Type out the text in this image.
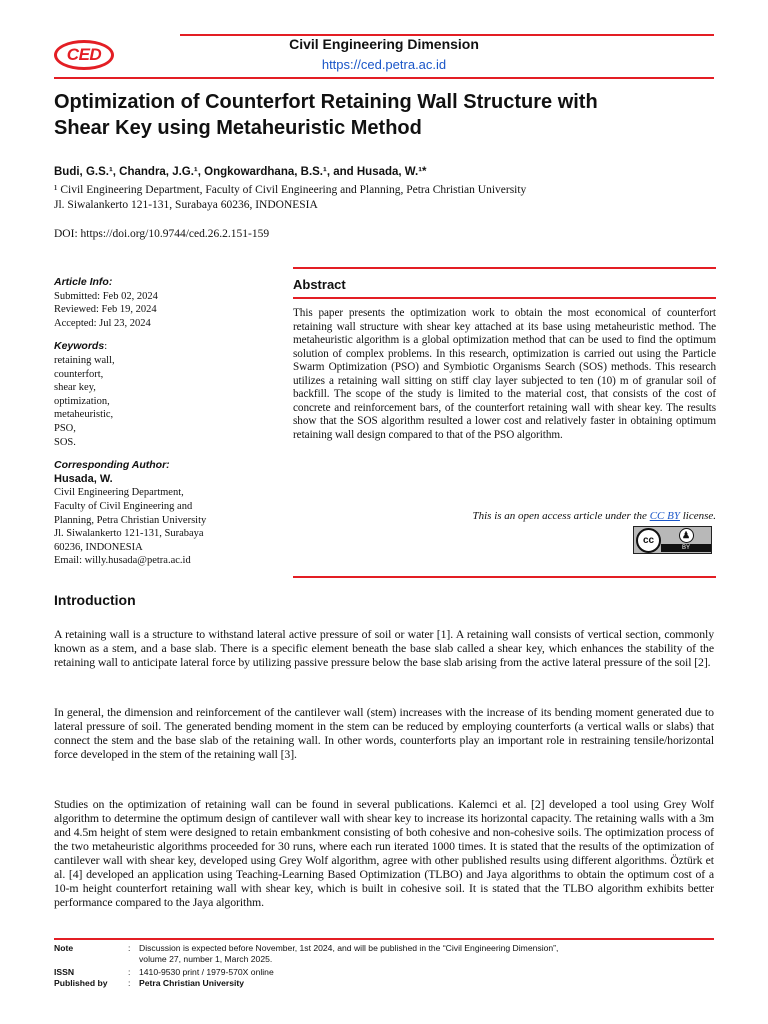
CED
Civil Engineering Dimension
https://ced.petra.ac.id
Optimization of Counterfort Retaining Wall Structure with
Shear Key using Metaheuristic Method
Budi, G.S.¹, Chandra, J.G.¹, Ongkowardhana, B.S.¹, and Husada, W.¹*
¹ Civil Engineering Department, Faculty of Civil Engineering and Planning, Petra Christian University
Jl. Siwalankerto 121-131, Surabaya 60236, INDONESIA
DOI: https://doi.org/10.9744/ced.26.2.151-159
Article Info:
Submitted: Feb 02, 2024
Reviewed: Feb 19, 2024
Accepted: Jul 23, 2024
Keywords:
retaining wall,
counterfort,
shear key,
optimization,
metaheuristic,
PSO,
SOS.
Corresponding Author:
Husada, W.
Civil Engineering Department,
Faculty of Civil Engineering and
Planning, Petra Christian University
Jl. Siwalankerto 121-131, Surabaya
60236, INDONESIA
Email: willy.husada@petra.ac.id
Abstract
This paper presents the optimization work to obtain the most economical of counterfort retaining wall structure with shear key attached at its base using metaheuristic method. The metaheuristic algorithm is a global optimization method that can be used to find the optimum solution of complex problems. In this research, optimization is carried out using the Particle Swarm Optimization (PSO) and Symbiotic Organisms Search (SOS) methods. This research utilizes a retaining wall sitting on stiff clay layer subjected to ten (10) m of granular soil of backfill. The scope of the study is limited to the material cost, that consists of the cost of concrete and reinforcement bars, of the counterfort retaining wall with shear key. The results show that the SOS algorithm resulted a lower cost and relatively faster in obtaining optimum retaining wall design compared to that of the PSO algorithm.
This is an open access article under the CC BY license.
cc	♟
BY
Introduction
A retaining wall is a structure to withstand lateral active pressure of soil or water [1]. A retaining wall consists of vertical section, commonly known as a stem, and a base slab. There is a specific element beneath the base slab called a shear key, which enhances the stability of the retaining wall to anticipate lateral force by utilizing passive pressure below the base slab arising from the active lateral pressure of the soil [2].
In general, the dimension and reinforcement of the cantilever wall (stem) increases with the increase of its bending moment generated due to lateral pressure of soil. The generated bending moment in the stem can be reduced by employing counterforts (a vertical walls or slabs) that connect the stem and the base slab of the retaining wall. In other words, counterforts play an important role in restraining tensile/horizontal force developed in the stem of the retaining wall [3].
Studies on the optimization of retaining wall can be found in several publications. Kalemci et al. [2] developed a tool using Grey Wolf algorithm to determine the optimum design of cantilever wall with shear key to increase its horizontal capacity. The retaining walls with a 3m and 4.5m height of stem were designed to retain embankment consisting of both cohesive and non-cohesive soils. The optimization process of the two metaheuristic algorithms proceeded for 30 runs, where each run iterated 1000 times. It is stated that the results of the optimization of cantilever wall with shear key, developed using Grey Wolf algorithm, agree with other published results using different algorithms. Öztürk et al. [4] developed an application using Teaching-Learning Based Optimization (TLBO) and Jaya algorithms to obtain the optimum cost of a 10-m height counterfort retaining wall with shear key, which is built in cohesive soil. It is stated that the TLBO algorithm exhibits better performance compared to the Jaya algorithm.
Note	: Discussion is expected before November, 1st 2024, and will be published in the “Civil Engineering Dimension”,
volume 27, number 1, March 2025.
ISSN	: 1410-9530 print / 1979-570X online
Published by : Petra Christian University
